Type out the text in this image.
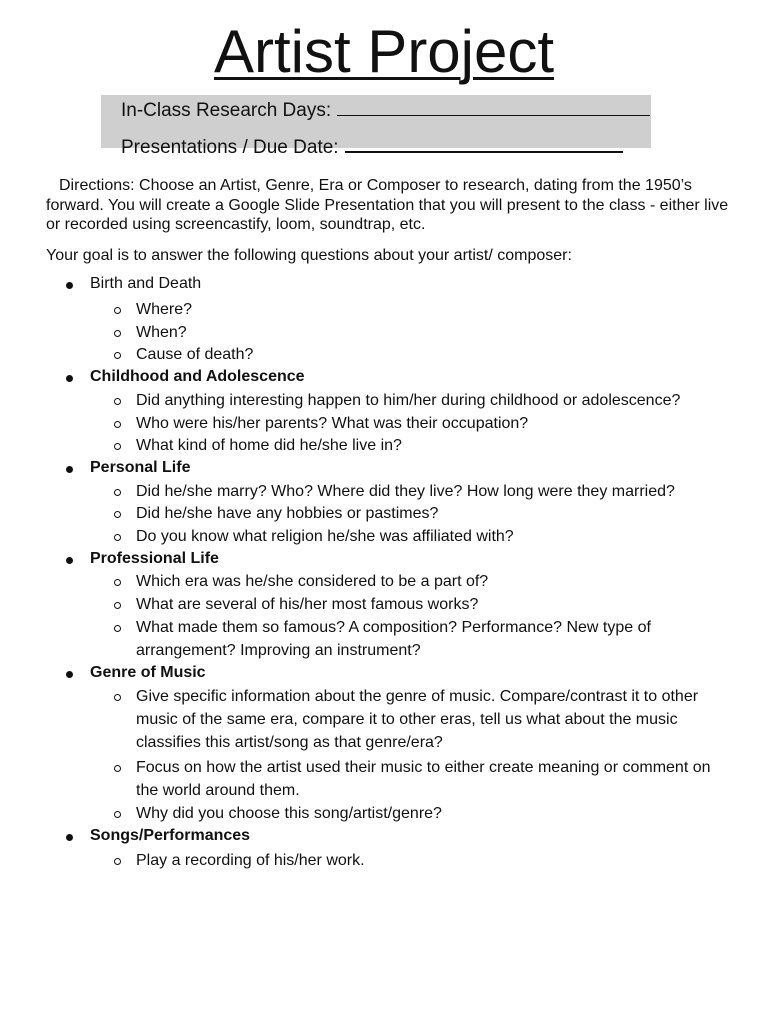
Artist Project
In-Class Research Days:
Presentations / Due Date:
Directions: Choose an Artist, Genre, Era or Composer to research, dating from the 1950’s forward. You will create a Google Slide Presentation that you will present to the class - either live or recorded using screencastify, loom, soundtrap, etc.
Your goal is to answer the following questions about your artist/ composer:
Birth and Death
Where?
When?
Cause of death?
Childhood and Adolescence
Did anything interesting happen to him/her during childhood or adolescence?
Who were his/her parents? What was their occupation?
What kind of home did he/she live in?
Personal Life
Did he/she marry? Who? Where did they live? How long were they married?
Did he/she have any hobbies or pastimes?
Do you know what religion he/she was affiliated with?
Professional Life
Which era was he/she considered to be a part of?
What are several of his/her most famous works?
What made them so famous? A composition? Performance? New type of arrangement? Improving an instrument?
Genre of Music
Give specific information about the genre of music. Compare/contrast it to other music of the same era, compare it to other eras, tell us what about the music classifies this artist/song as that genre/era?
Focus on how the artist used their music to either create meaning or comment on the world around them.
Why did you choose this song/artist/genre?
Songs/Performances
Play a recording of his/her work.
